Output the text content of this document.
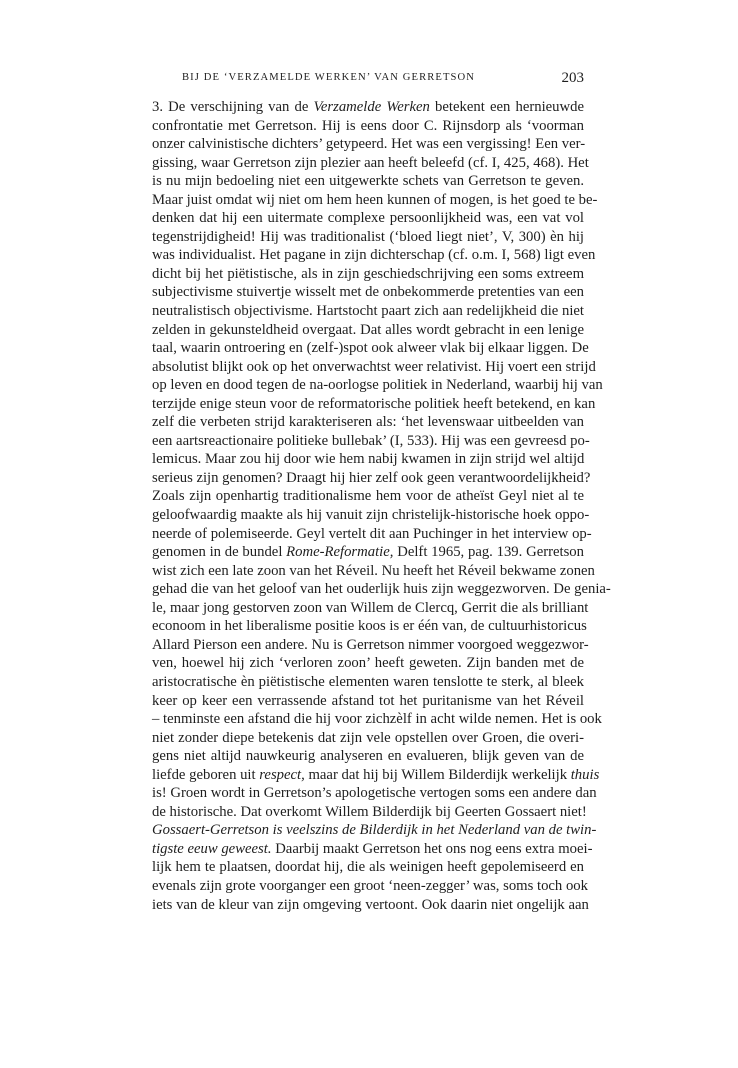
BIJ DE ‘VERZAMELDE WERKEN’ VAN GERRETSON	203
3. De verschijning van de Verzamelde Werken betekent een hernieuwde
confrontatie met Gerretson. Hij is eens door C. Rijnsdorp als ‘voorman
onzer calvinistische dichters’ getypeerd. Het was een vergissing! Een ver-
gissing, waar Gerretson zijn plezier aan heeft beleefd (cf. I, 425, 468). Het
is nu mijn bedoeling niet een uitgewerkte schets van Gerretson te geven.
Maar juist omdat wij niet om hem heen kunnen of mogen, is het goed te be-
denken dat hij een uitermate complexe persoonlijkheid was, een vat vol
tegenstrijdigheid! Hij was traditionalist (‘bloed liegt niet’, V, 300) èn hij
was individualist. Het pagane in zijn dichterschap (cf. o.m. I, 568) ligt even
dicht bij het piëtistische, als in zijn geschiedschrijving een soms extreem
subjectivisme stuivertje wisselt met de onbekommerde pretenties van een
neutralistisch objectivisme. Hartstocht paart zich aan redelijkheid die niet
zelden in gekunsteldheid overgaat. Dat alles wordt gebracht in een lenige
taal, waarin ontroering en (zelf-)spot ook alweer vlak bij elkaar liggen. De
absolutist blijkt ook op het onverwachtst weer relativist. Hij voert een strijd
op leven en dood tegen de na-oorlogse politiek in Nederland, waarbij hij van
terzijde enige steun voor de reformatorische politiek heeft betekend, en kan
zelf die verbeten strijd karakteriseren als: ‘het levenswaar uitbeelden van
een aartsreactionaire politieke bullebak’ (I, 533). Hij was een gevreesd po-
lemicus. Maar zou hij door wie hem nabij kwamen in zijn strijd wel altijd
serieus zijn genomen? Draagt hij hier zelf ook geen verantwoordelijkheid?
Zoals zijn openhartig traditionalisme hem voor de atheïst Geyl niet al te
geloofwaardig maakte als hij vanuit zijn christelijk-historische hoek oppo-
neerde of polemiseerde. Geyl vertelt dit aan Puchinger in het interview op-
genomen in de bundel Rome-Reformatie, Delft 1965, pag. 139. Gerretson
wist zich een late zoon van het Réveil. Nu heeft het Réveil bekwame zonen
gehad die van het geloof van het ouderlijk huis zijn weggezworven. De genia-
le, maar jong gestorven zoon van Willem de Clercq, Gerrit die als brilliant
econoom in het liberalisme positie koos is er één van, de cultuurhistoricus
Allard Pierson een andere. Nu is Gerretson nimmer voorgoed weggezwor-
ven, hoewel hij zich ‘verloren zoon’ heeft geweten. Zijn banden met de
aristocratische èn piëtistische elementen waren tenslotte te sterk, al bleek
keer op keer een verrassende afstand tot het puritanisme van het Réveil
– tenminste een afstand die hij voor zichzèlf in acht wilde nemen. Het is ook
niet zonder diepe betekenis dat zijn vele opstellen over Groen, die overi-
gens niet altijd nauwkeurig analyseren en evalueren, blijk geven van de
liefde geboren uit respect, maar dat hij bij Willem Bilderdijk werkelijk thuis
is! Groen wordt in Gerretson’s apologetische vertogen soms een andere dan
de historische. Dat overkomt Willem Bilderdijk bij Geerten Gossaert niet!
Gossaert-Gerretson is veelszins de Bilderdijk in het Nederland van de twin-
tigste eeuw geweest. Daarbij maakt Gerretson het ons nog eens extra moei-
lijk hem te plaatsen, doordat hij, die als weinigen heeft gepolemiseerd en
evenals zijn grote voorganger een groot ‘neen-zegger’ was, soms toch ook
iets van de kleur van zijn omgeving vertoont. Ook daarin niet ongelijk aan
